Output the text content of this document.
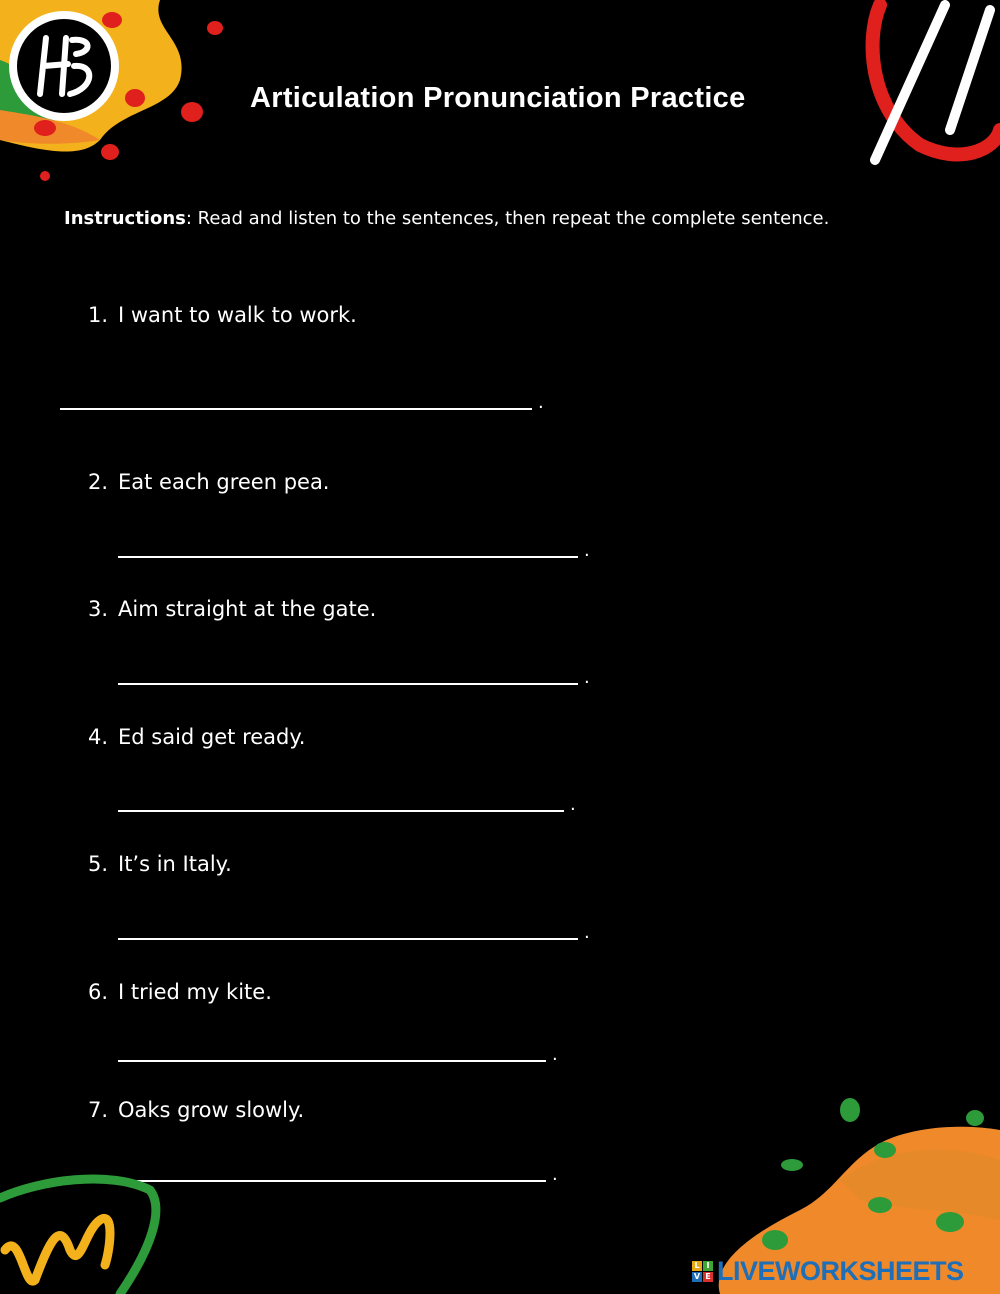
Articulation Pronunciation Practice
Instructions: Read and listen to the sentences, then repeat the complete sentence.
1. I want to walk to work.
.
2. Eat each green pea.
.
3. Aim straight at the gate.
.
4. Ed said get ready.
.
5. It’s in Italy.
.
6. I tried my kite.
.
7. Oaks grow slowly.
.
L I
V E LIVEWORKSHEETS
